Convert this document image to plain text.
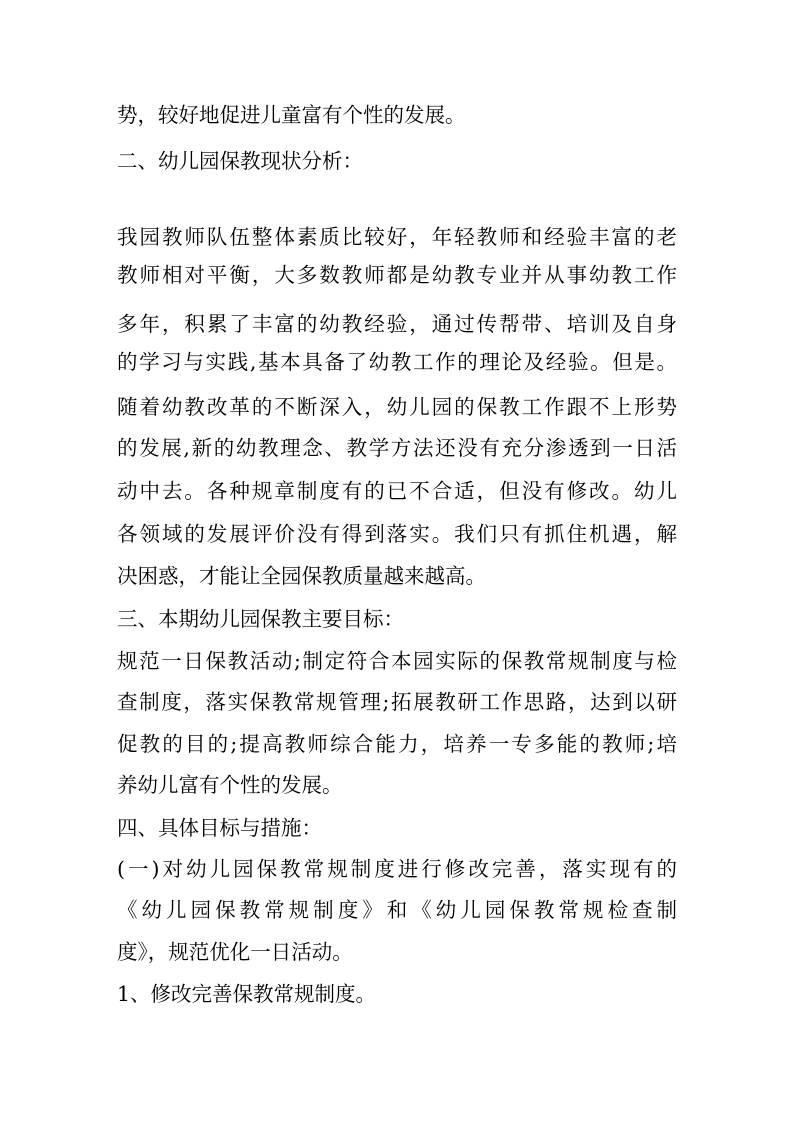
势，较好地促进儿童富有个性的发展。
二、幼儿园保教现状分析：
我园教师队伍整体素质比较好，年轻教师和经验丰富的老
教师相对平衡，大多数教师都是幼教专业并从事幼教工作
多年，积累了丰富的幼教经验，通过传帮带、培训及自身
的学习与实践,基本具备了幼教工作的理论及经验。但是。
随着幼教改革的不断深入，幼儿园的保教工作跟不上形势
的发展,新的幼教理念、教学方法还没有充分渗透到一日活
动中去。各种规章制度有的已不合适，但没有修改。幼儿
各领域的发展评价没有得到落实。我们只有抓住机遇，解
决困惑，才能让全园保教质量越来越高。
三、本期幼儿园保教主要目标：
规范一日保教活动;制定符合本园实际的保教常规制度与检
查制度，落实保教常规管理;拓展教研工作思路，达到以研
促教的目的;提高教师综合能力，培养一专多能的教师;培
养幼儿富有个性的发展。
四、具体目标与措施：
(一)对幼儿园保教常规制度进行修改完善，落实现有的
《幼儿园保教常规制度》和《幼儿园保教常规检查制
度》，规范优化一日活动。
1、修改完善保教常规制度。
